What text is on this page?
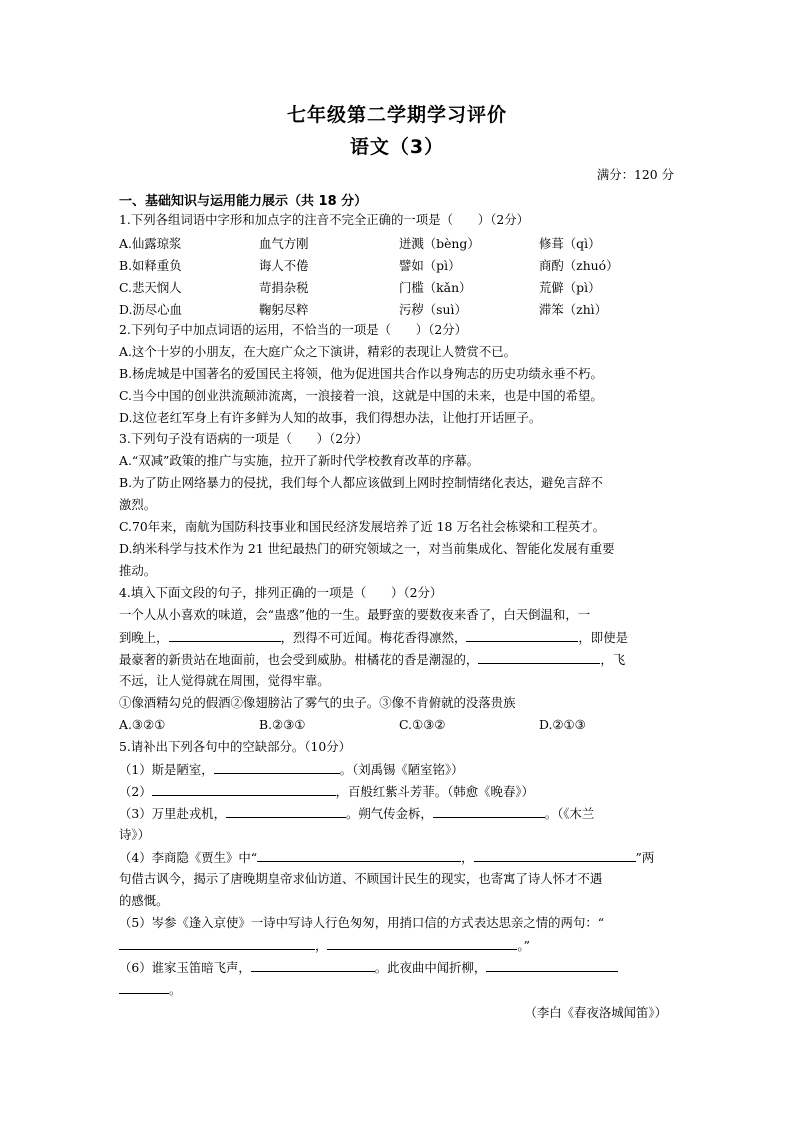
七年级第二学期学习评价
语文（3）
满分：120 分
一、基础知识与运用能力展示（共 18 分）
1.下列各组词语中字形和加点字的注音不完全正确的一项是（　　）（2分）
A.仙露琼浆	血气方刚	迸溅（bèng）	修葺（qì）
B.如释重负	诲人不倦	譬如（pì）	商酌（zhuó）
C.悲天悯人	苛捐杂税	门槛（kǎn）	荒僻（pì）
D.沥尽心血	鞠躬尽粹	污秽（suì）	滞笨（zhì）
2.下列句子中加点词语的运用，不恰当的一项是（　　）（2分）
A.这个十岁的小朋友，在大庭广众之下演讲，精彩的表现让人赞赏不已。
B.杨虎城是中国著名的爱国民主将领，他为促进国共合作以身殉志的历史功绩永垂不朽。
C.当今中国的创业洪流颠沛流离，一浪接着一浪，这就是中国的未来，也是中国的希望。
D.这位老红军身上有许多鲜为人知的故事，我们得想办法，让他打开话匣子。
3.下列句子没有语病的一项是（　　）（2分）
A.“双减”政策的推广与实施，拉开了新时代学校教育改革的序幕。
B.为了防止网络暴力的侵扰，我们每个人都应该做到上网时控制情绪化表达，避免言辞不
激烈。
C.70年来，南航为国防科技事业和国民经济发展培养了近 18 万名社会栋梁和工程英才。
D.纳米科学与技术作为 21 世纪最热门的研究领域之一，对当前集成化、智能化发展有重要
推动。
4.填入下面文段的句子，排列正确的一项是（　　）（2分）
一个人从小喜欢的味道，会“蛊惑”他的一生。最野蛮的要数夜来香了，白天倒温和，一
到晚上，	，烈得不可近闻。梅花香得凛然，	，即使是
最豪奢的新贵站在地面前，也会受到威胁。柑橘花的香是潮湿的，	，飞
不远，让人觉得就在周围，觉得牢靠。
①像酒精勾兑的假酒②像翅膀沾了雾气的虫子。③像不肯俯就的没落贵族
A.③②①	B.②③①	C.①③②	D.②①③
5.请补出下列各句中的空缺部分。（10分）
（1）斯是陋室，	。（刘禹锡《陋室铭》）
（2）	，百般红紫斗芳菲。（韩愈《晚春》）
（3）万里赴戎机，	。朔气传金柝，	。（《木兰
诗》）
（4）李商隐《贾生》中“	，	”两
句借古讽今，揭示了唐晚期皇帝求仙访道、不顾国计民生的现实，也寄寓了诗人怀才不遇
的感慨。
（5）岑参《逢入京使》一诗中写诗人行色匆匆，用捎口信的方式表达思亲之情的两句：“
，	。”
（6）谁家玉笛暗飞声，	。此夜曲中闻折柳，
。
（李白《春夜洛城闻笛》）
